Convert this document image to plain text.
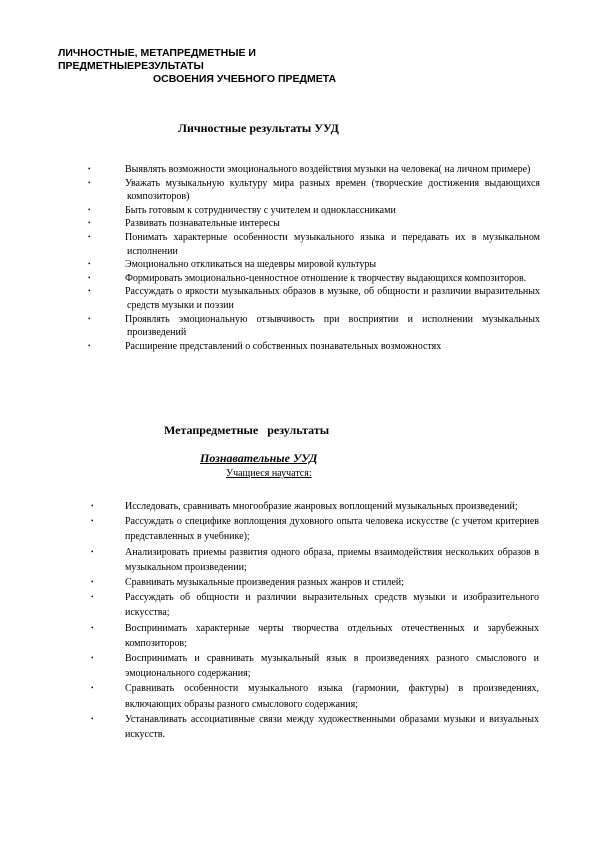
ЛИЧНОСТНЫЕ, МЕТАПРЕДМЕТНЫЕ И
ПРЕДМЕТНЫЕРЕЗУЛЬТАТЫ
ОСВОЕНИЯ УЧЕБНОГО ПРЕДМЕТА
Личностные результаты УУД
•	Выявлять возможности эмоционального воздействия музыки на человека( на личном примере)
•	Уважать музыкальную культуру мира разных времен (творческие достижения выдающихся композиторов)
•	Быть готовым к сотрудничеству с учителем и одноклассниками
•	Развивать познавательные интересы
•	Понимать характерные особенности музыкального языка и передавать их в музыкальном исполнении
•	Эмоционально откликаться на шедевры мировой культуры
•	Формировать эмоционально-ценностное отношение к творчеству выдающихся композиторов.
•	Рассуждать о яркости музыкальных образов в музыке, об общности и различии выразительных средств музыки и поэзии
•	Проявлять эмоциональную отзывчивость при восприятии и исполнении музыкальных произведений
•	Расширение представлений о собственных познавательных возможностях
Метапредметные   результаты
Познавательные УУД
Учащиеся научатся:
•	Исследовать, сравнивать многообразие жанровых воплощений музыкальных произведений;
•	Рассуждать о специфике воплощения духовного опыта человека искусстве (с учетом критериев представленных в учебнике);
•	Анализировать приемы развития одного образа, приемы взаимодействия нескольких образов в музыкальном произведении;
•	Сравнивать музыкальные произведения разных жанров и стилей;
•	Рассуждать об общности и различии выразительных средств музыки и изобразительного искусства;
•	Воспринимать характерные черты творчества отдельных отечественных и зарубежных композиторов;
•	Воспринимать и сравнивать музыкальный язык в произведениях разного смыслового и эмоционального содержания;
•	Сравнивать особенности музыкального языка (гармонии, фактуры) в произведениях, включающих образы разного смыслового содержания;
•	Устанавливать ассоциативные связи между художественными образами музыки и визуальных искусств.
